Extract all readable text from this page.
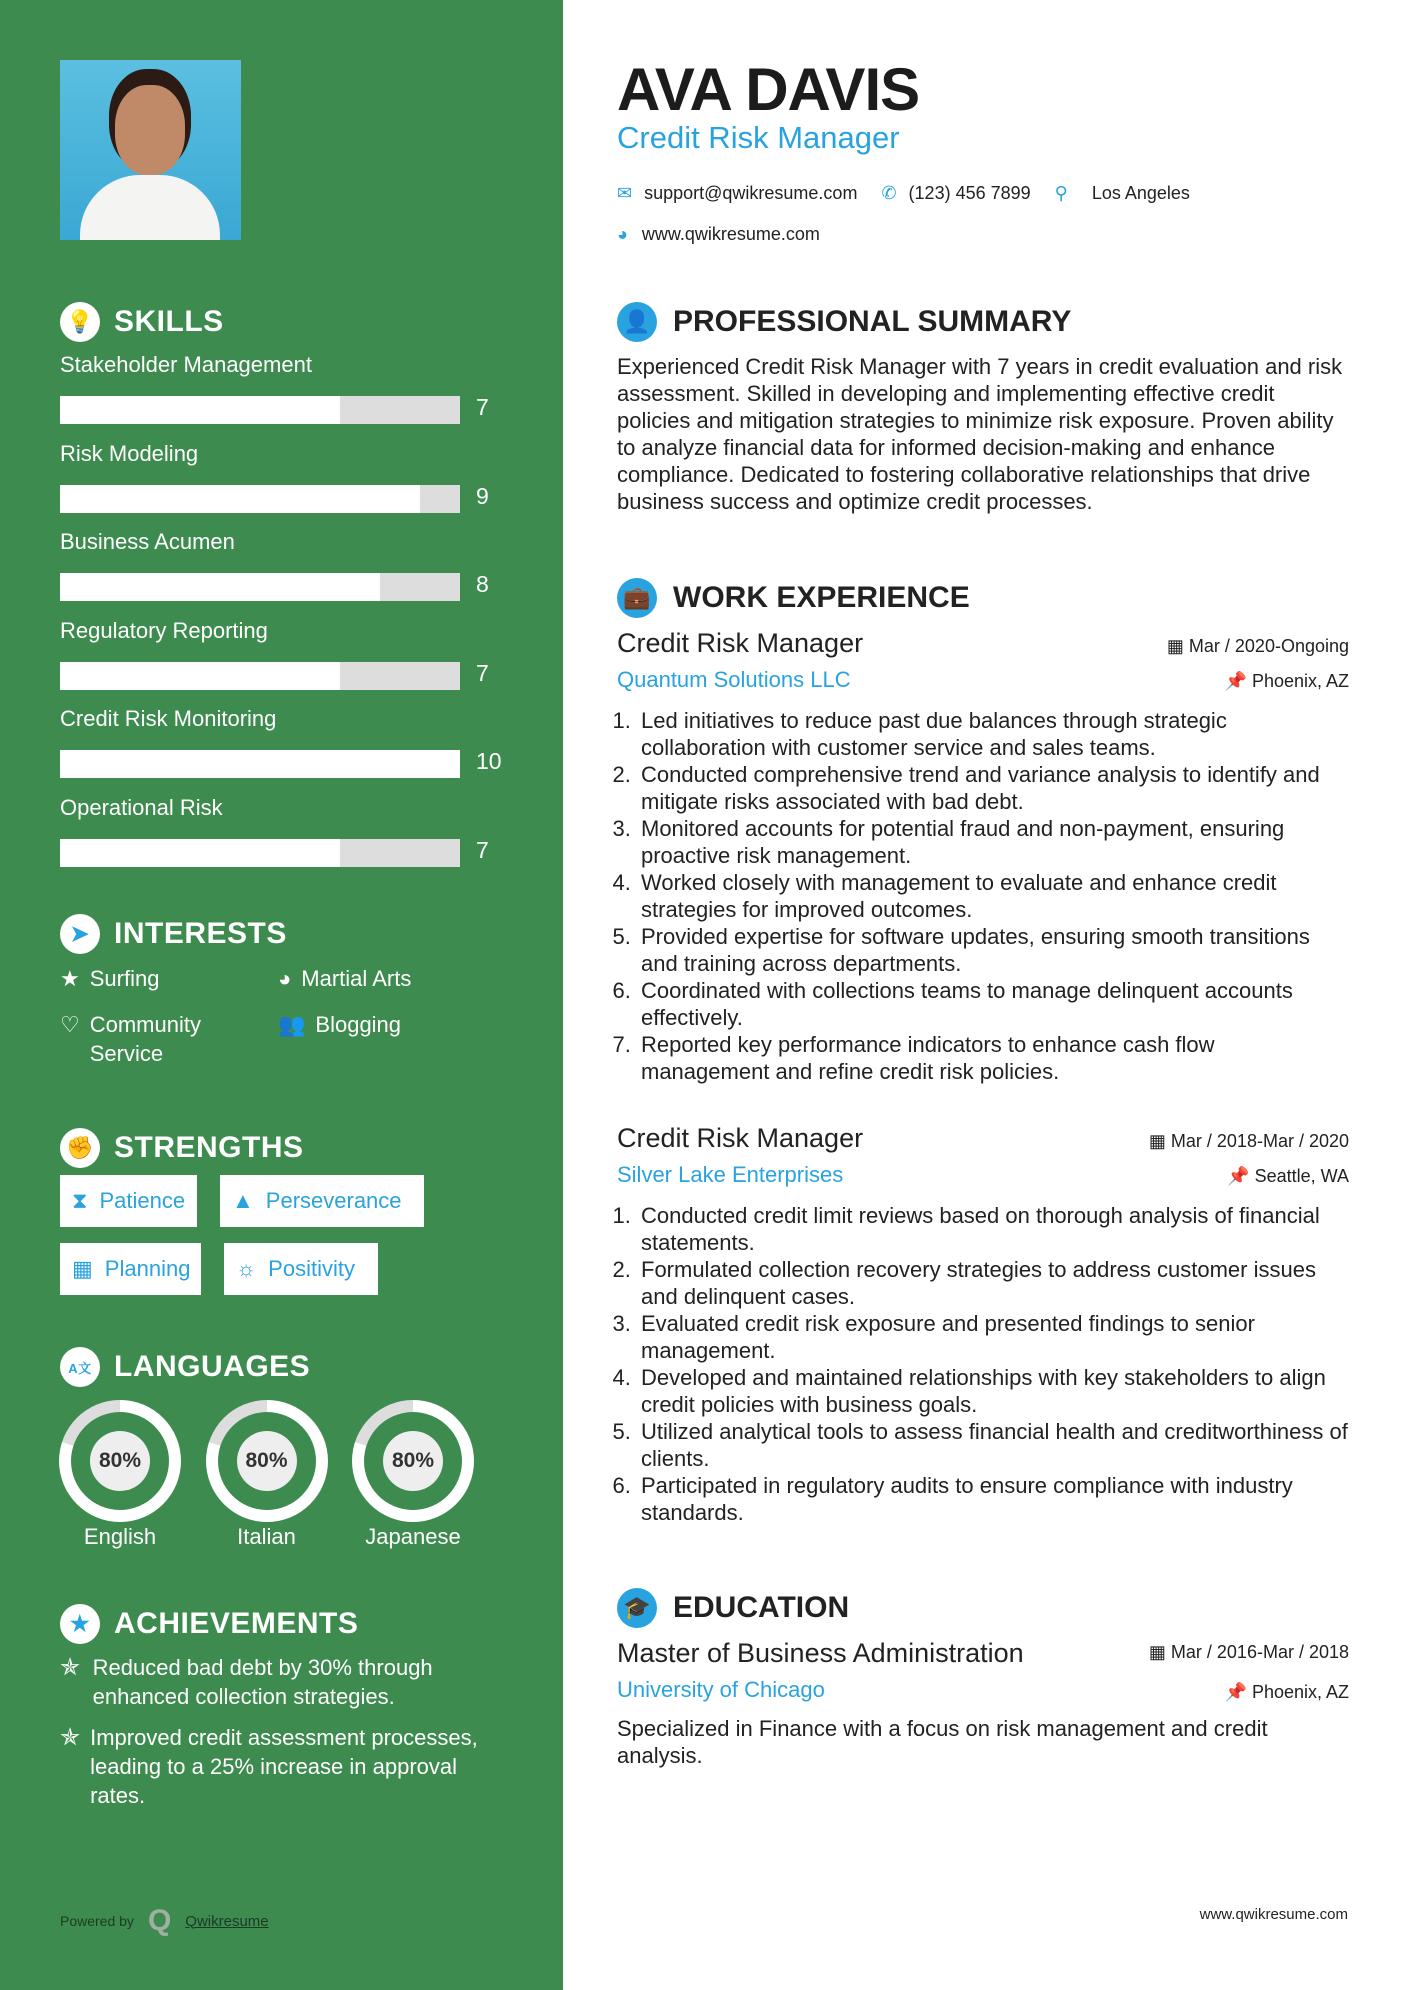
💡 SKILLS
Stakeholder Management
7
Risk Modeling
9
Business Acumen
8
Regulatory Reporting
7
Credit Risk Monitoring
10
Operational Risk
7
➤ INTERESTS
★ Surfing	◕ Martial Arts
♡ Community Service
👥 Blogging
✊ STRENGTHS
⧗ Patience ▲ Perseverance
▦ Planning ☼ Positivity
A文 LANGUAGES
80%
English
80%
Italian
80%
Japanese
★ ACHIEVEMENTS
✯ Reduced bad debt by 30% through enhanced collection strategies.
✯ Improved credit assessment processes, leading to a 25% increase in approval rates.
Powered by Q Qwikresume
AVA DAVIS
Credit Risk Manager
✉ support@qwikresume.com ✆ (123) 456 7899 ⚲ Los Angeles
◕ www.qwikresume.com
👤 PROFESSIONAL SUMMARY
Experienced Credit Risk Manager with 7 years in credit evaluation and risk assessment. Skilled in developing and implementing effective credit policies and mitigation strategies to minimize risk exposure. Proven ability to analyze financial data for informed decision-making and enhance compliance. Dedicated to fostering collaborative relationships that drive business success and optimize credit processes.
💼 WORK EXPERIENCE
Credit Risk Manager
Quantum Solutions LLC
▦ Mar / 2020-Ongoing
📌 Phoenix, AZ
1. Led initiatives to reduce past due balances through strategic collaboration with customer service and sales teams.
2. Conducted comprehensive trend and variance analysis to identify and mitigate risks associated with bad debt.
3. Monitored accounts for potential fraud and non-payment, ensuring proactive risk management.
4. Worked closely with management to evaluate and enhance credit strategies for improved outcomes.
5. Provided expertise for software updates, ensuring smooth transitions and training across departments.
6. Coordinated with collections teams to manage delinquent accounts effectively.
7. Reported key performance indicators to enhance cash flow management and refine credit risk policies.
Credit Risk Manager
Silver Lake Enterprises
▦ Mar / 2018-Mar / 2020
📌 Seattle, WA
1. Conducted credit limit reviews based on thorough analysis of financial statements.
2. Formulated collection recovery strategies to address customer issues and delinquent cases.
3. Evaluated credit risk exposure and presented findings to senior management.
4. Developed and maintained relationships with key stakeholders to align credit policies with business goals.
5. Utilized analytical tools to assess financial health and creditworthiness of clients.
6. Participated in regulatory audits to ensure compliance with industry standards.
🎓 EDUCATION
Master of Business Administration
University of Chicago
▦ Mar / 2016-Mar / 2018
📌 Phoenix, AZ
Specialized in Finance with a focus on risk management and credit analysis.
www.qwikresume.com
